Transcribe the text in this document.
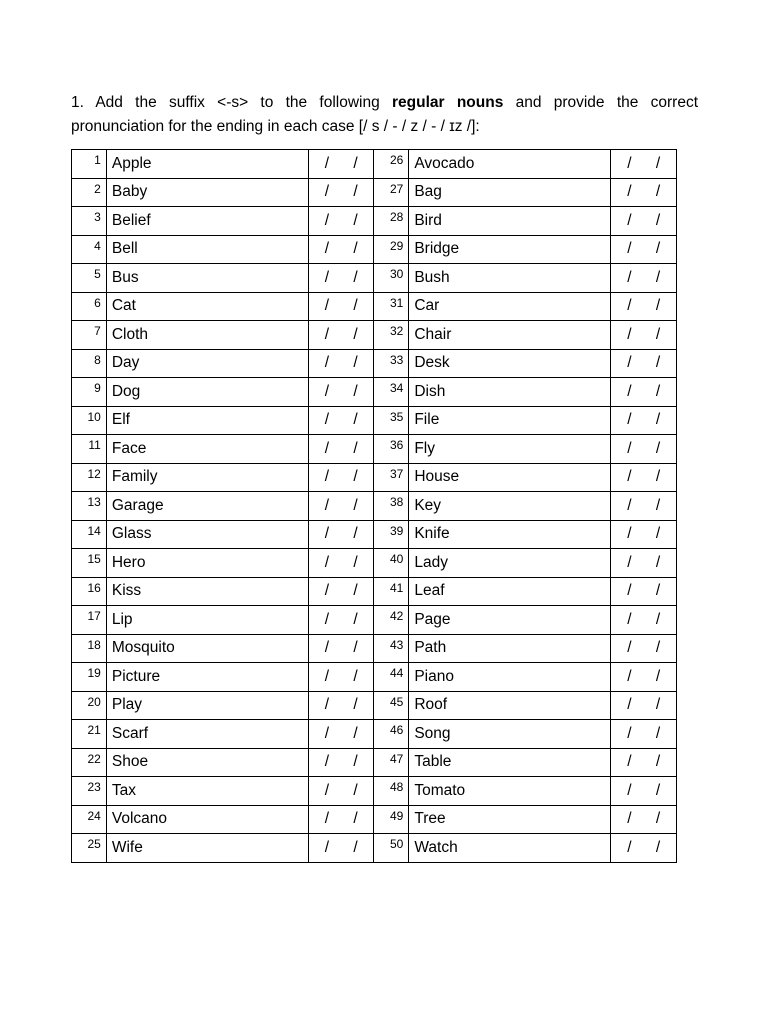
1. Add the suffix <-s> to the following regular nouns and provide the correct
pronunciation for the ending in each case [/ s / - / z / - / ɪz /]:
1	Apple	/ /	26	Avocado	/ /
2	Baby	/ /	27	Bag	/ /
3	Belief	/ /	28	Bird	/ /
4	Bell	/ /	29	Bridge	/ /
5	Bus	/ /	30	Bush	/ /
6	Cat	/ /	31	Car	/ /
7	Cloth	/ /	32	Chair	/ /
8	Day	/ /	33	Desk	/ /
9	Dog	/ /	34	Dish	/ /
10	Elf	/ /	35	File	/ /
11	Face	/ /	36	Fly	/ /
12	Family	/ /	37	House	/ /
13	Garage	/ /	38	Key	/ /
14	Glass	/ /	39	Knife	/ /
15	Hero	/ /	40	Lady	/ /
16	Kiss	/ /	41	Leaf	/ /
17	Lip	/ /	42	Page	/ /
18	Mosquito	/ /	43	Path	/ /
19	Picture	/ /	44	Piano	/ /
20	Play	/ /	45	Roof	/ /
21	Scarf	/ /	46	Song	/ /
22	Shoe	/ /	47	Table	/ /
23	Tax	/ /	48	Tomato	/ /
24	Volcano	/ /	49	Tree	/ /
25	Wife	/ /	50	Watch	/ /
